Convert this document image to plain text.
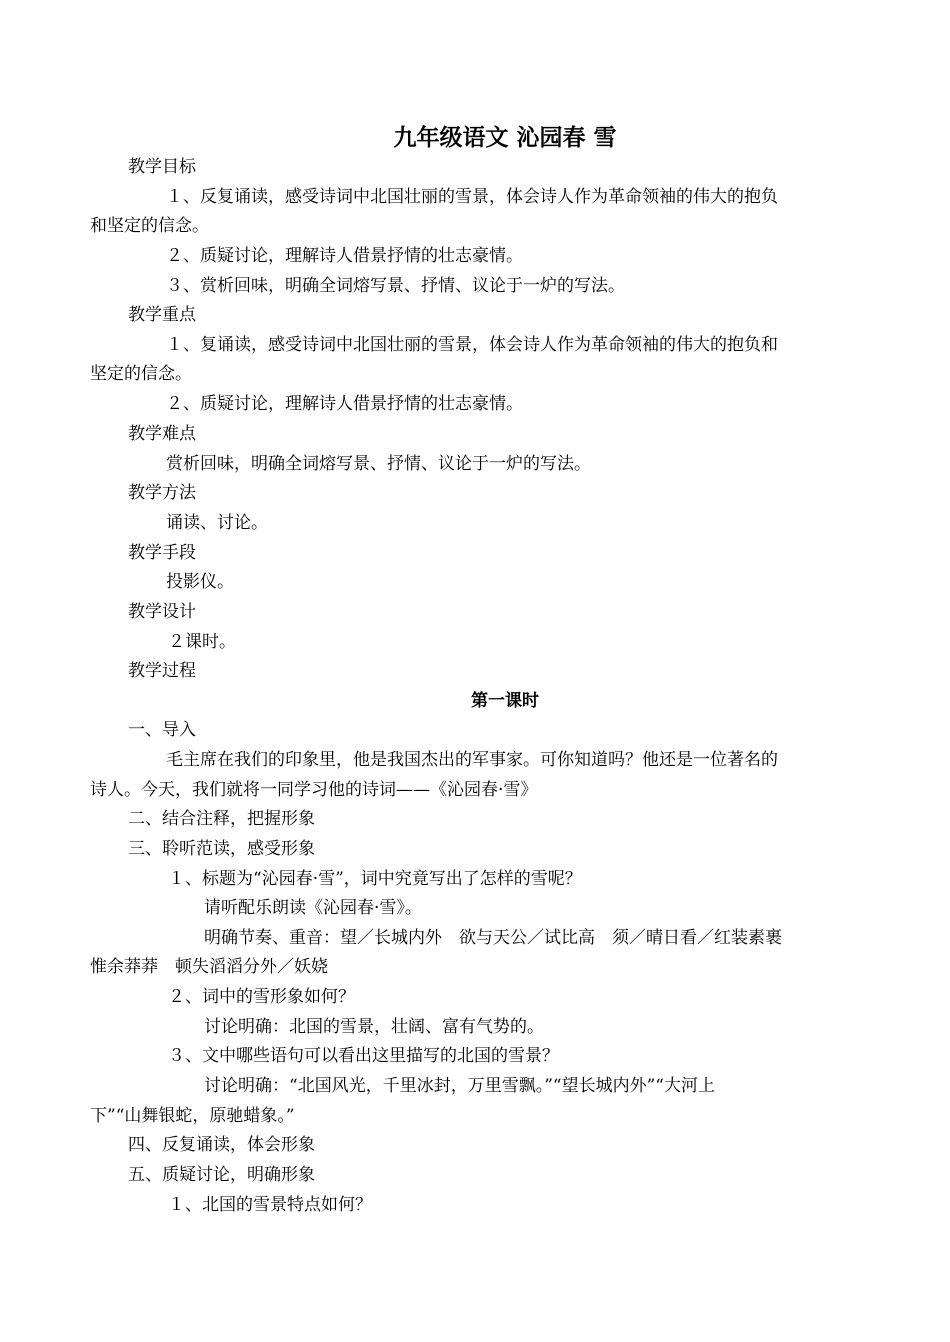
九年级语文 沁园春 雪
教学目标
１、反复诵读，感受诗词中北国壮丽的雪景，体会诗人作为革命领袖的伟大的抱负
和坚定的信念。
２、质疑讨论，理解诗人借景抒情的壮志豪情。
３、赏析回味，明确全词熔写景、抒情、议论于一炉的写法。
教学重点
１、复诵读，感受诗词中北国壮丽的雪景，体会诗人作为革命领袖的伟大的抱负和
坚定的信念。
２、质疑讨论，理解诗人借景抒情的壮志豪情。
教学难点
赏析回味，明确全词熔写景、抒情、议论于一炉的写法。
教学方法
诵读、讨论。
教学手段
投影仪。
教学设计
２课时。
教学过程
第一课时
一、导入
毛主席在我们的印象里，他是我国杰出的军事家。可你知道吗？他还是一位著名的
诗人。今天，我们就将一同学习他的诗词——《沁园春·雪》
二、结合注释，把握形象
三、聆听范读，感受形象
１、标题为“沁园春·雪”，词中究竟写出了怎样的雪呢？
请听配乐朗读《沁园春·雪》。
明确节奏、重音：望／长城内外　欲与天公／试比高　须／晴日看／红装素裹
惟余莽莽　顿失滔滔分外／妖娆
２、词中的雪形象如何？
讨论明确：北国的雪景，壮阔、富有气势的。
３、文中哪些语句可以看出这里描写的北国的雪景？
讨论明确：“北国风光，千里冰封，万里雪飘。”“望长城内外”“大河上
下”“山舞银蛇，原驰蜡象。”
四、反复诵读，体会形象
五、质疑讨论，明确形象
１、北国的雪景特点如何？
